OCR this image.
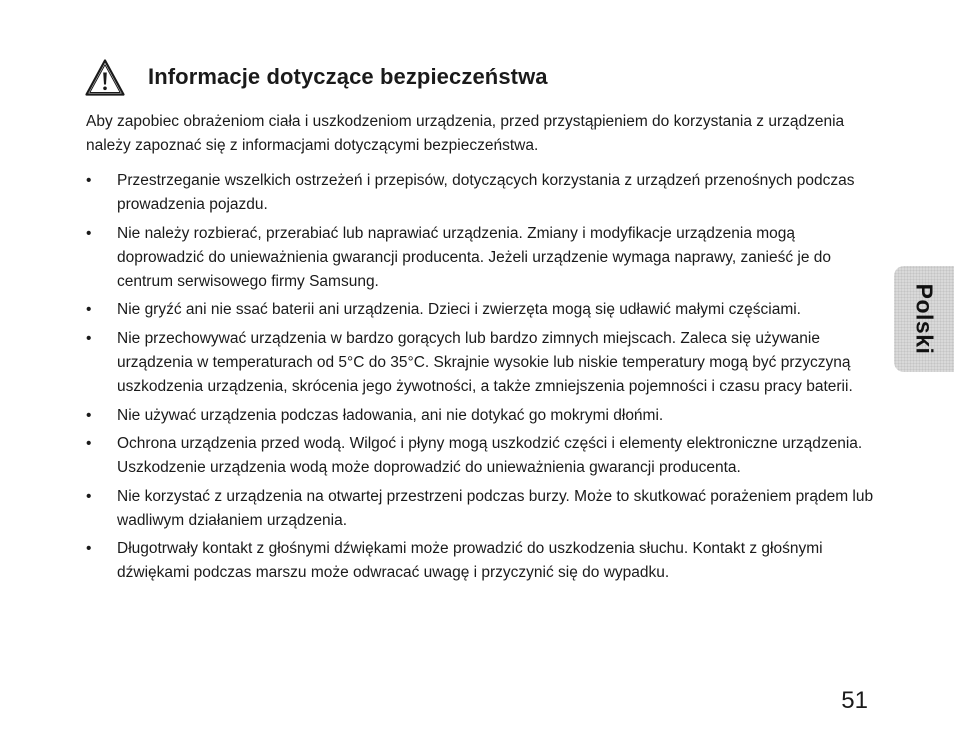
Informacje dotyczące bezpieczeństwa

Aby zapobiec obrażeniom ciała i uszkodzeniom urządzenia, przed przystąpieniem do korzystania z urządzenia należy zapoznać się z informacjami dotyczącymi bezpieczeństwa.

• Przestrzeganie wszelkich ostrzeżeń i przepisów, dotyczących korzystania z urządzeń przenośnych podczas prowadzenia pojazdu.
• Nie należy rozbierać, przerabiać lub naprawiać urządzenia. Zmiany i modyfikacje urządzenia mogą doprowadzić do unieważnienia gwarancji producenta. Jeżeli urządzenie wymaga naprawy, zanieść je do centrum serwisowego firmy Samsung.
• Nie gryźć ani nie ssać baterii ani urządzenia. Dzieci i zwierzęta mogą się udławić małymi częściami.
• Nie przechowywać urządzenia w bardzo gorących lub bardzo zimnych miejscach. Zaleca się używanie urządzenia w temperaturach od 5°C do 35°C. Skrajnie wysokie lub niskie temperatury mogą być przyczyną uszkodzenia urządzenia, skrócenia jego żywotności, a także zmniejszenia pojemności i czasu pracy baterii.
• Nie używać urządzenia podczas ładowania, ani nie dotykać go mokrymi dłońmi.
• Ochrona urządzenia przed wodą. Wilgoć i płyny mogą uszkodzić części i elementy elektroniczne urządzenia. Uszkodzenie urządzenia wodą może doprowadzić do unieważnienia gwarancji producenta.
• Nie korzystać z urządzenia na otwartej przestrzeni podczas burzy. Może to skutkować porażeniem prądem lub wadliwym działaniem urządzenia.
• Długotrwały kontakt z głośnymi dźwiękami może prowadzić do uszkodzenia słuchu. Kontakt z głośnymi dźwiękami podczas marszu może odwracać uwagę i przyczynić się do wypadku.
Polski
51
